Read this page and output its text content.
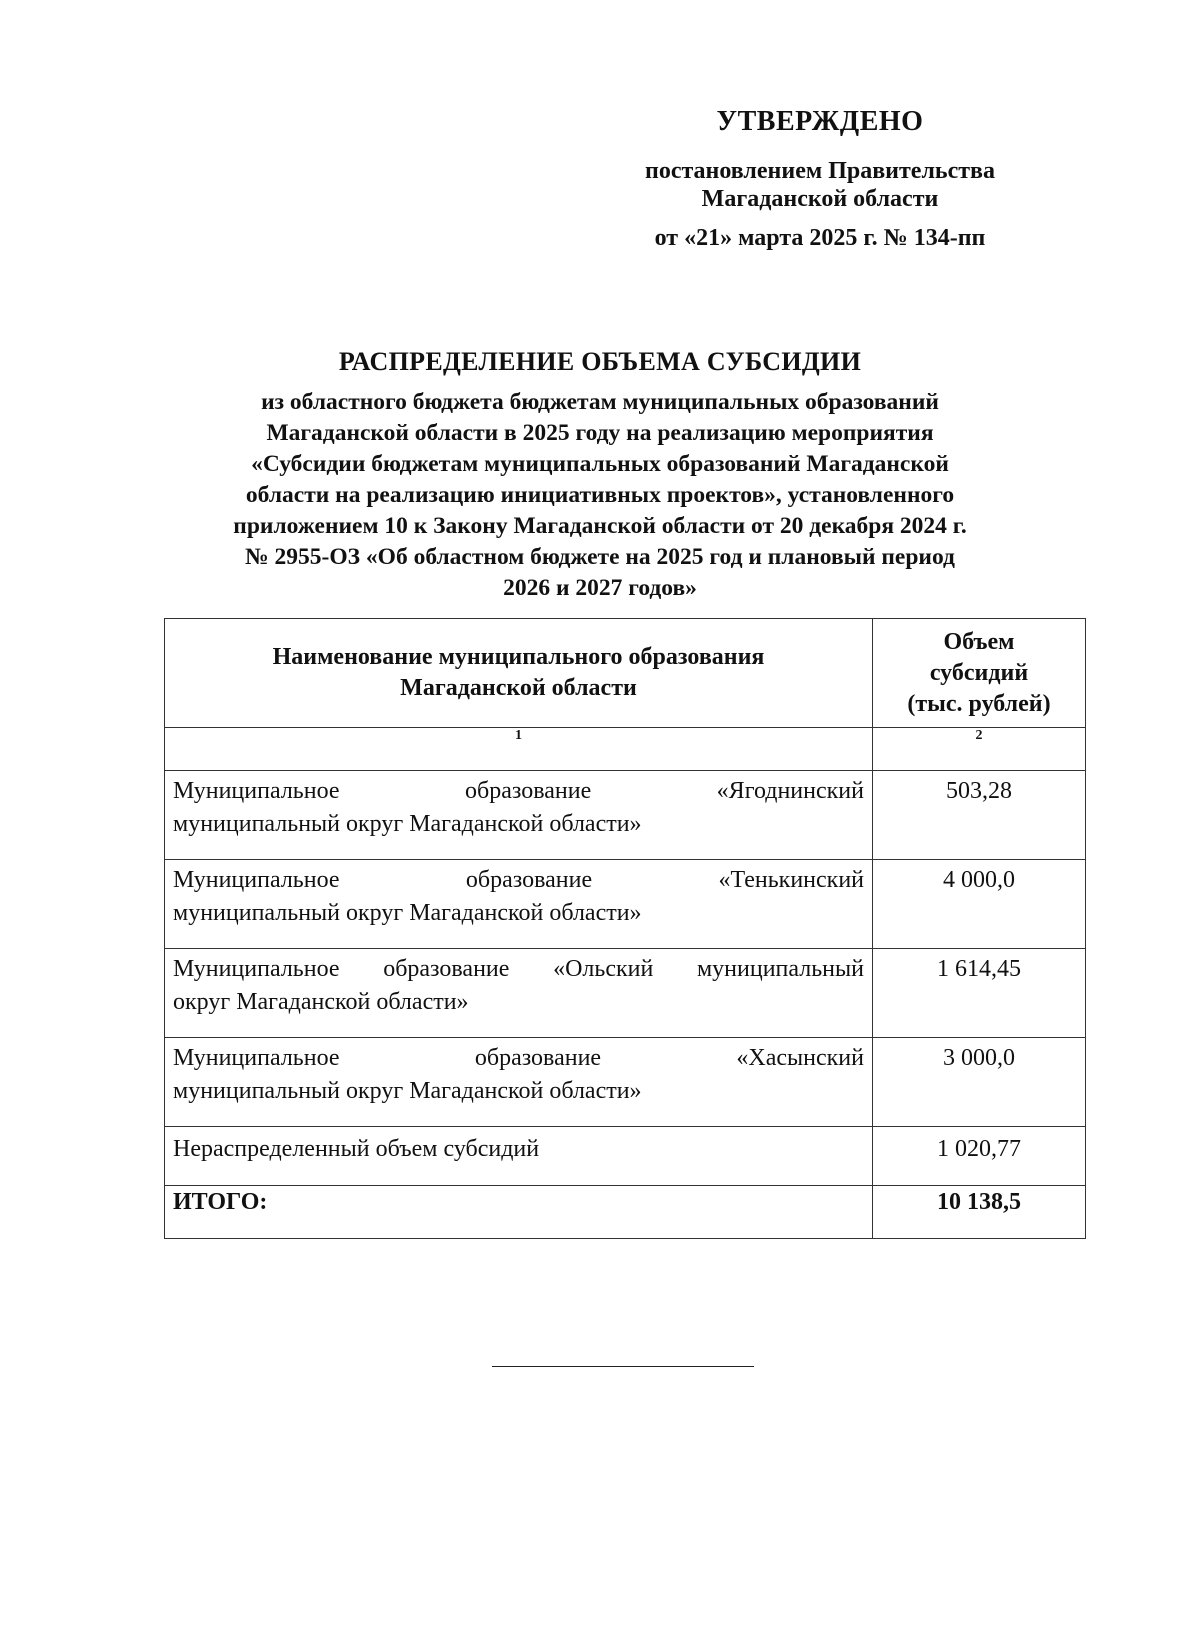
УТВЕРЖДЕНО
постановлением Правительства
Магаданской области
от «21» марта 2025 г. № 134-пп
РАСПРЕДЕЛЕНИЕ ОБЪЕМА СУБСИДИИ
из областного бюджета бюджетам муниципальных образований
Магаданской области в 2025 году на реализацию мероприятия
«Субсидии бюджетам муниципальных образований Магаданской
области на реализацию инициативных проектов», установленного
приложением 10 к Закону Магаданской области от 20 декабря 2024 г.
№ 2955-ОЗ «Об областном бюджете на 2025 год и плановый период
2026 и 2027 годов»
Наименование муниципального образования
Магаданской области	Объем
субсидий
(тыс. рублей)

1	2

Муниципальное образование «Ягоднинский
муниципальный округ Магаданской области»	503,28

Муниципальное образование «Тенькинский
муниципальный округ Магаданской области»	4 000,0

Муниципальное образование «Ольский муниципальный
округ Магаданской области»	1 614,45

Муниципальное образование «Хасынский
муниципальный округ Магаданской области»	3 000,0
Нераспределенный объем субсидий	1 020,77
ИТОГО:	10 138,5
